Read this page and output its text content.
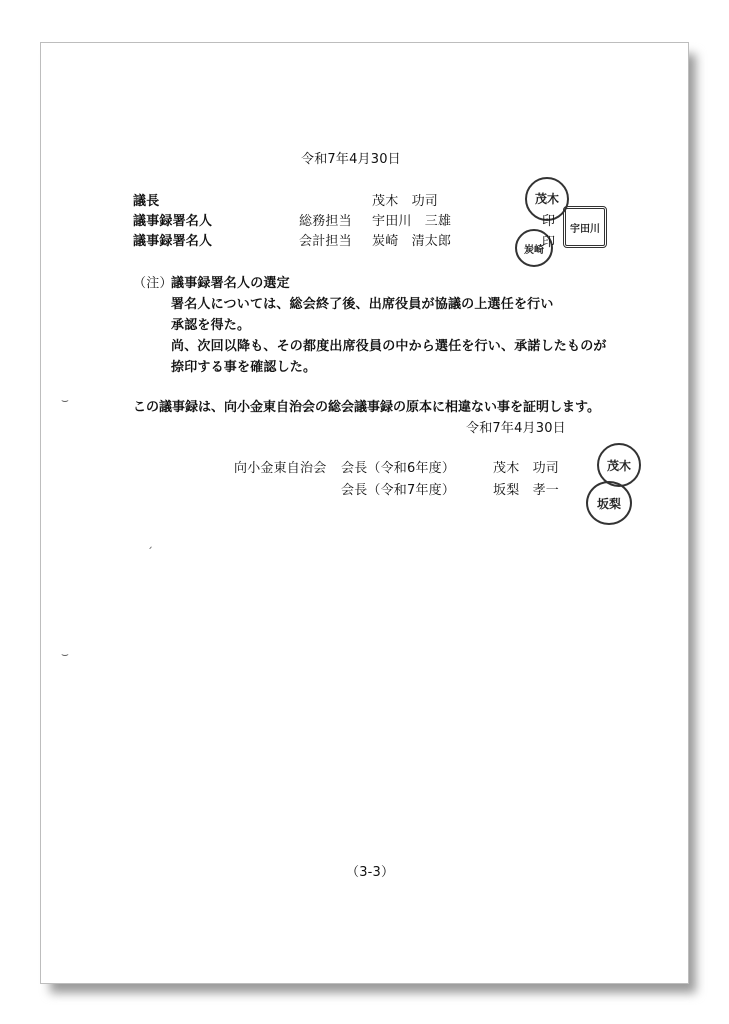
令和7年4月30日
議長	茂木　功司
議事録署名人	総務担当 宇田川　三雄
議事録署名人	会計担当 炭崎　清太郎
茂木
印	宇田川
炭崎
印
（注）
議事録署名人の選定
署名人については、総会終了後、出席役員が協議の上選任を行い
承認を得た。
尚、次回以降も、その都度出席役員の中から選任を行い、承諾したものが
捺印する事を確認した。
この議事録は、向小金東自治会の総会議事録の原本に相違ない事を証明します。
令和7年4月30日
向小金東自治会 会長（令和6年度）	茂木　功司
会長（令和7年度）	坂梨　孝一
茂木
坂梨
⌣
ˏ
⌣
（3-3）
